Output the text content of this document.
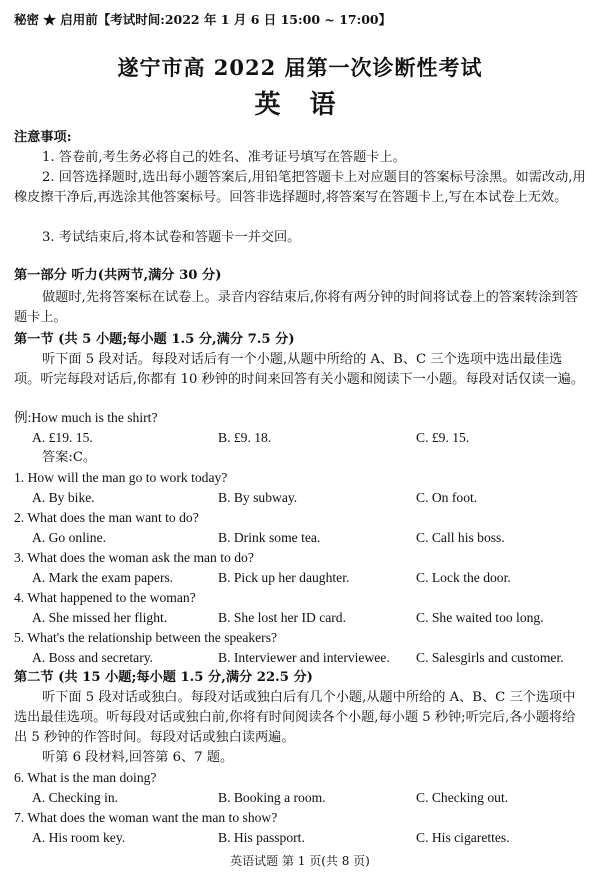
秘密 ★ 启用前【考试时间:2022 年 1 月 6 日 15:00 ~ 17:00】
遂宁市高 2022 届第一次诊断性考试
英 语
注意事项:
1. 答卷前,考生务必将自己的姓名、准考证号填写在答题卡上。
2. 回答选择题时,选出每小题答案后,用铅笔把答题卡上对应题目的答案标号涂黑。如需改动,用橡皮擦干净后,再选涂其他答案标号。回答非选择题时,将答案写在答题卡上,写在本试卷上无效。
3. 考试结束后,将本试卷和答题卡一并交回。
第一部分 听力(共两节,满分 30 分)
做题时,先将答案标在试卷上。录音内容结束后,你将有两分钟的时间将试卷上的答案转涂到答题卡上。
第一节 (共 5 小题;每小题 1.5 分,满分 7.5 分)
听下面 5 段对话。每段对话后有一个小题,从题中所给的 A、B、C 三个选项中选出最佳选项。听完每段对话后,你都有 10 秒钟的时间来回答有关小题和阅读下一小题。每段对话仅读一遍。
例:How much is the shirt?
A. £19. 15.	B. £9. 18.	C. £9. 15.
答案:C。
1. How will the man go to work today?
A. By bike.	B. By subway.	C. On foot.
2. What does the man want to do?
A. Go online.	B. Drink some tea.	C. Call his boss.
3. What does the woman ask the man to do?
A. Mark the exam papers.	B. Pick up her daughter.	C. Lock the door.
4. What happened to the woman?
A. She missed her flight.	B. She lost her ID card.	C. She waited too long.
5. What's the relationship between the speakers?
A. Boss and secretary.	B. Interviewer and interviewee. C. Salesgirls and customer.
第二节 (共 15 小题;每小题 1.5 分,满分 22.5 分)
听下面 5 段对话或独白。每段对话或独白后有几个小题,从题中所给的 A、B、C 三个选项中选出最佳选项。听每段对话或独白前,你将有时间阅读各个小题,每小题 5 秒钟;听完后,各小题将给出 5 秒钟的作答时间。每段对话或独白读两遍。
听第 6 段材料,回答第 6、7 题。
6. What is the man doing?
A. Checking in.	B. Booking a room.	C. Checking out.
7. What does the woman want the man to show?
A. His room key.	B. His passport.	C. His cigarettes.
英语试题 第 1 页(共 8 页)
